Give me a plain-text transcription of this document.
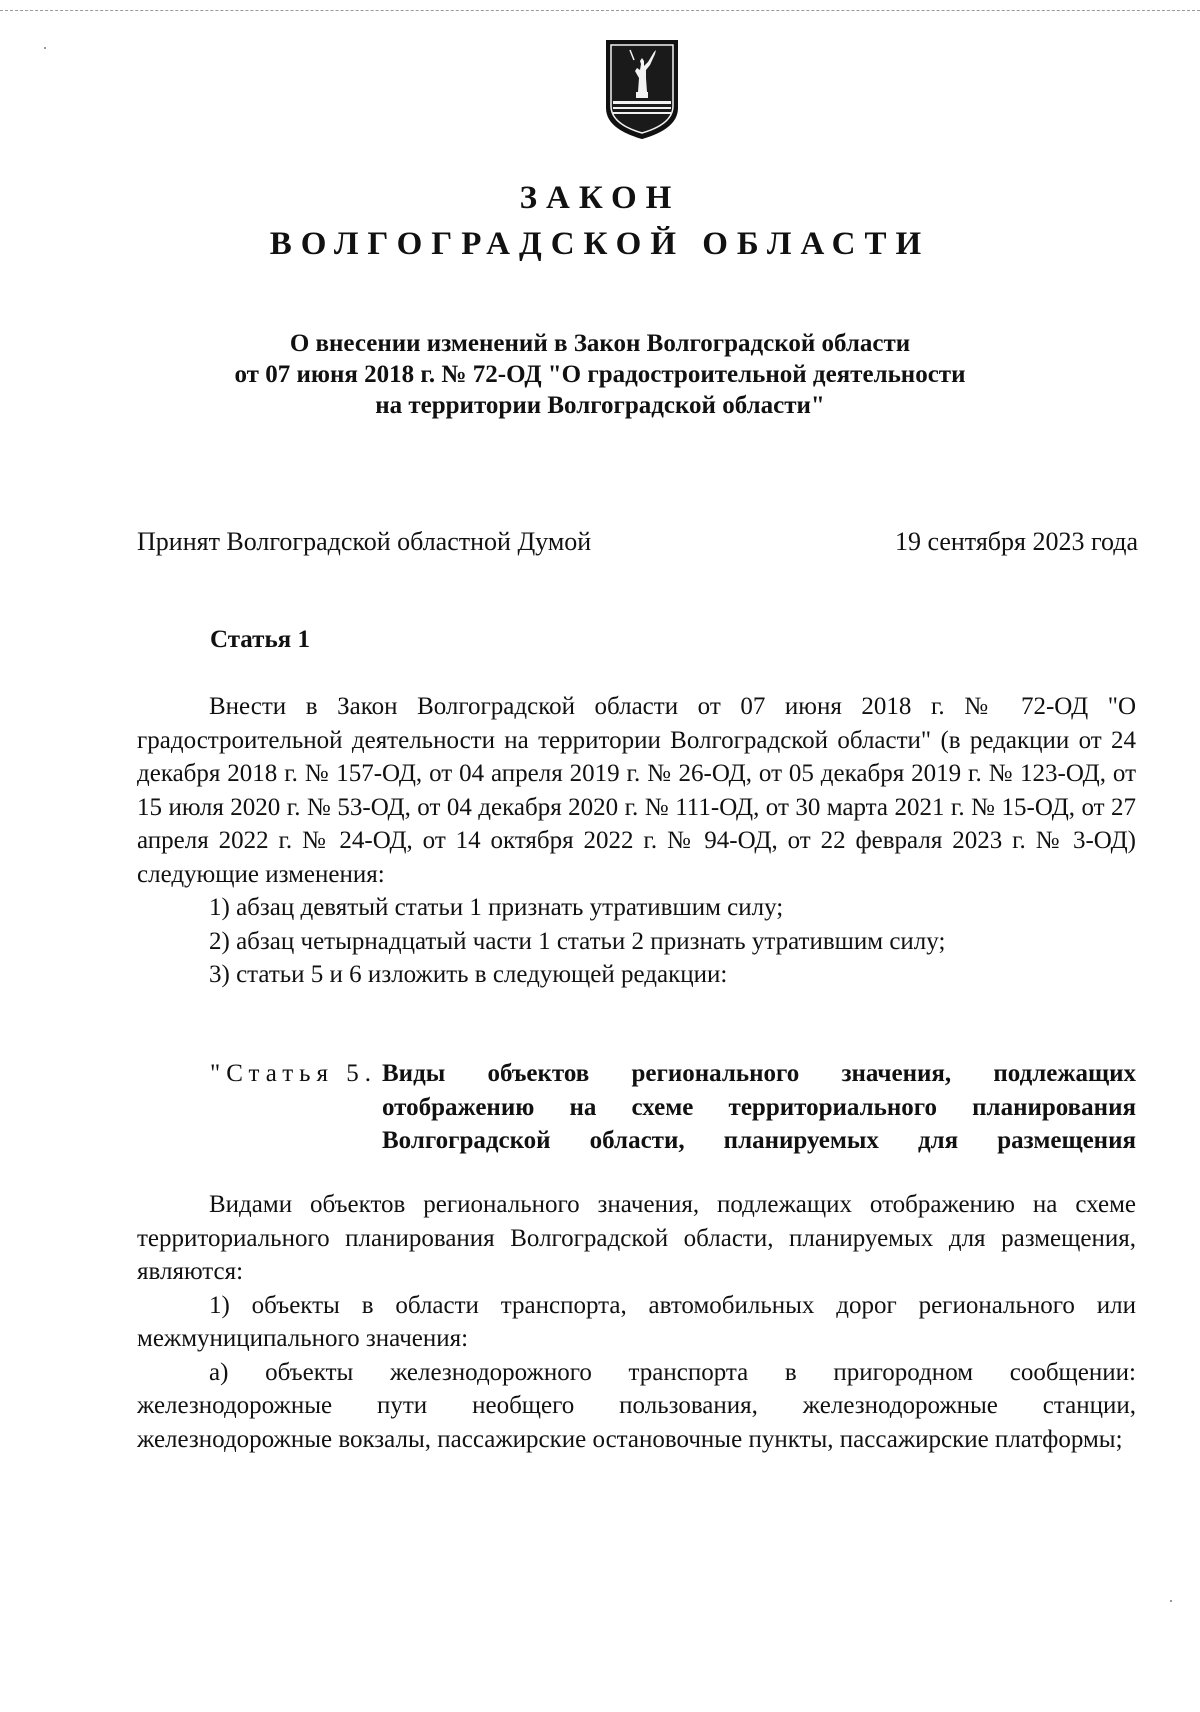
ЗАКОН
ВОЛГОГРАДСКОЙ ОБЛАСТИ
О внесении изменений в Закон Волгоградской области
от 07 июня 2018 г. № 72-ОД "О градостроительной деятельности
на территории Волгоградской области"
Принят Волгоградской областной Думой	19 сентября 2023 года
Статья 1

Внести в Закон Волгоградской области от 07 июня 2018 г. № 72-ОД "О градостроительной деятельности на территории Волгоградской области" (в редакции от 24 декабря 2018 г. № 157-ОД, от 04 апреля 2019 г. № 26-ОД, от 05 декабря 2019 г. № 123-ОД, от 15 июля 2020 г. № 53-ОД, от 04 декабря 2020 г. № 111-ОД, от 30 марта 2021 г. № 15-ОД, от 27 апреля 2022 г. № 24-ОД, от 14 октября 2022 г. № 94-ОД, от 22 февраля 2023 г. № 3-ОД) следующие изменения:

1) абзац девятый статьи 1 признать утратившим силу;

2) абзац четырнадцатый части 1 статьи 2 признать утратившим силу;

3) статьи 5 и 6 изложить в следующей редакции:

"Статья 5. Виды объектов регионального значения, подлежащих отображению на схеме территориального планирования Волгоградской области, планируемых для размещения

Видами объектов регионального значения, подлежащих отображению на схеме территориального планирования Волгоградской области, планируемых для размещения, являются:

1) объекты в области транспорта, автомобильных дорог регионального или межмуниципального значения:

а) объекты железнодорожного транспорта в пригородном сообщении: железнодорожные пути необщего пользования, железнодорожные станции, железнодорожные вокзалы, пассажирские остановочные пункты, пассажирские платформы;
